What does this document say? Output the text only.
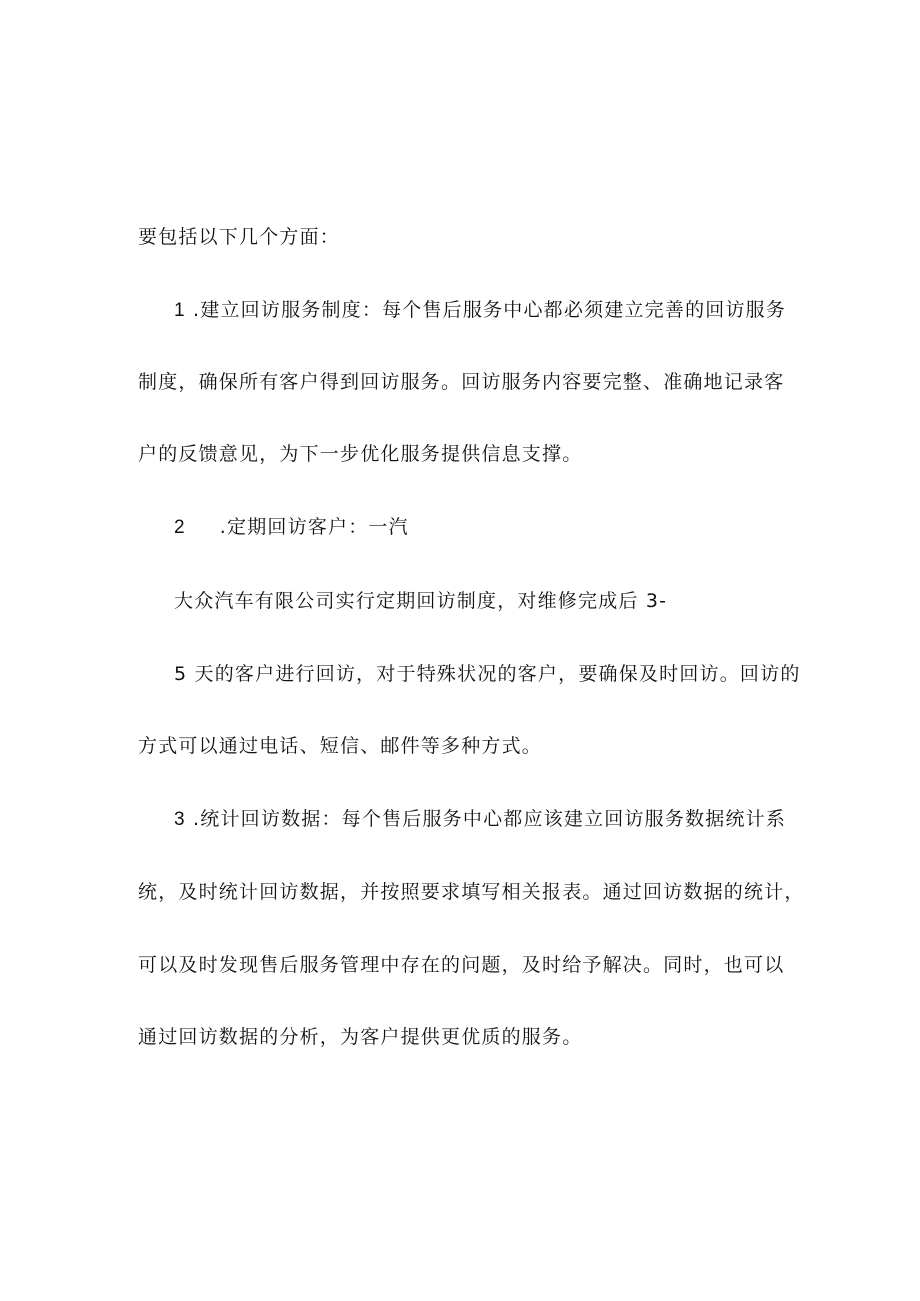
要包括以下几个方面：
1 .建立回访服务制度：每个售后服务中心都必须建立完善的回访服务
制度，确保所有客户得到回访服务。回访服务内容要完整、准确地记录客
户的反馈意见，为下一步优化服务提供信息支撑。
2 .定期回访客户：一汽
大众汽车有限公司实行定期回访制度，对维修完成后 3-
5 天的客户进行回访，对于特殊状况的客户，要确保及时回访。回访的
方式可以通过电话、短信、邮件等多种方式。
3 .统计回访数据：每个售后服务中心都应该建立回访服务数据统计系
统，及时统计回访数据，并按照要求填写相关报表。通过回访数据的统计，
可以及时发现售后服务管理中存在的问题，及时给予解决。同时，也可以
通过回访数据的分析，为客户提供更优质的服务。
